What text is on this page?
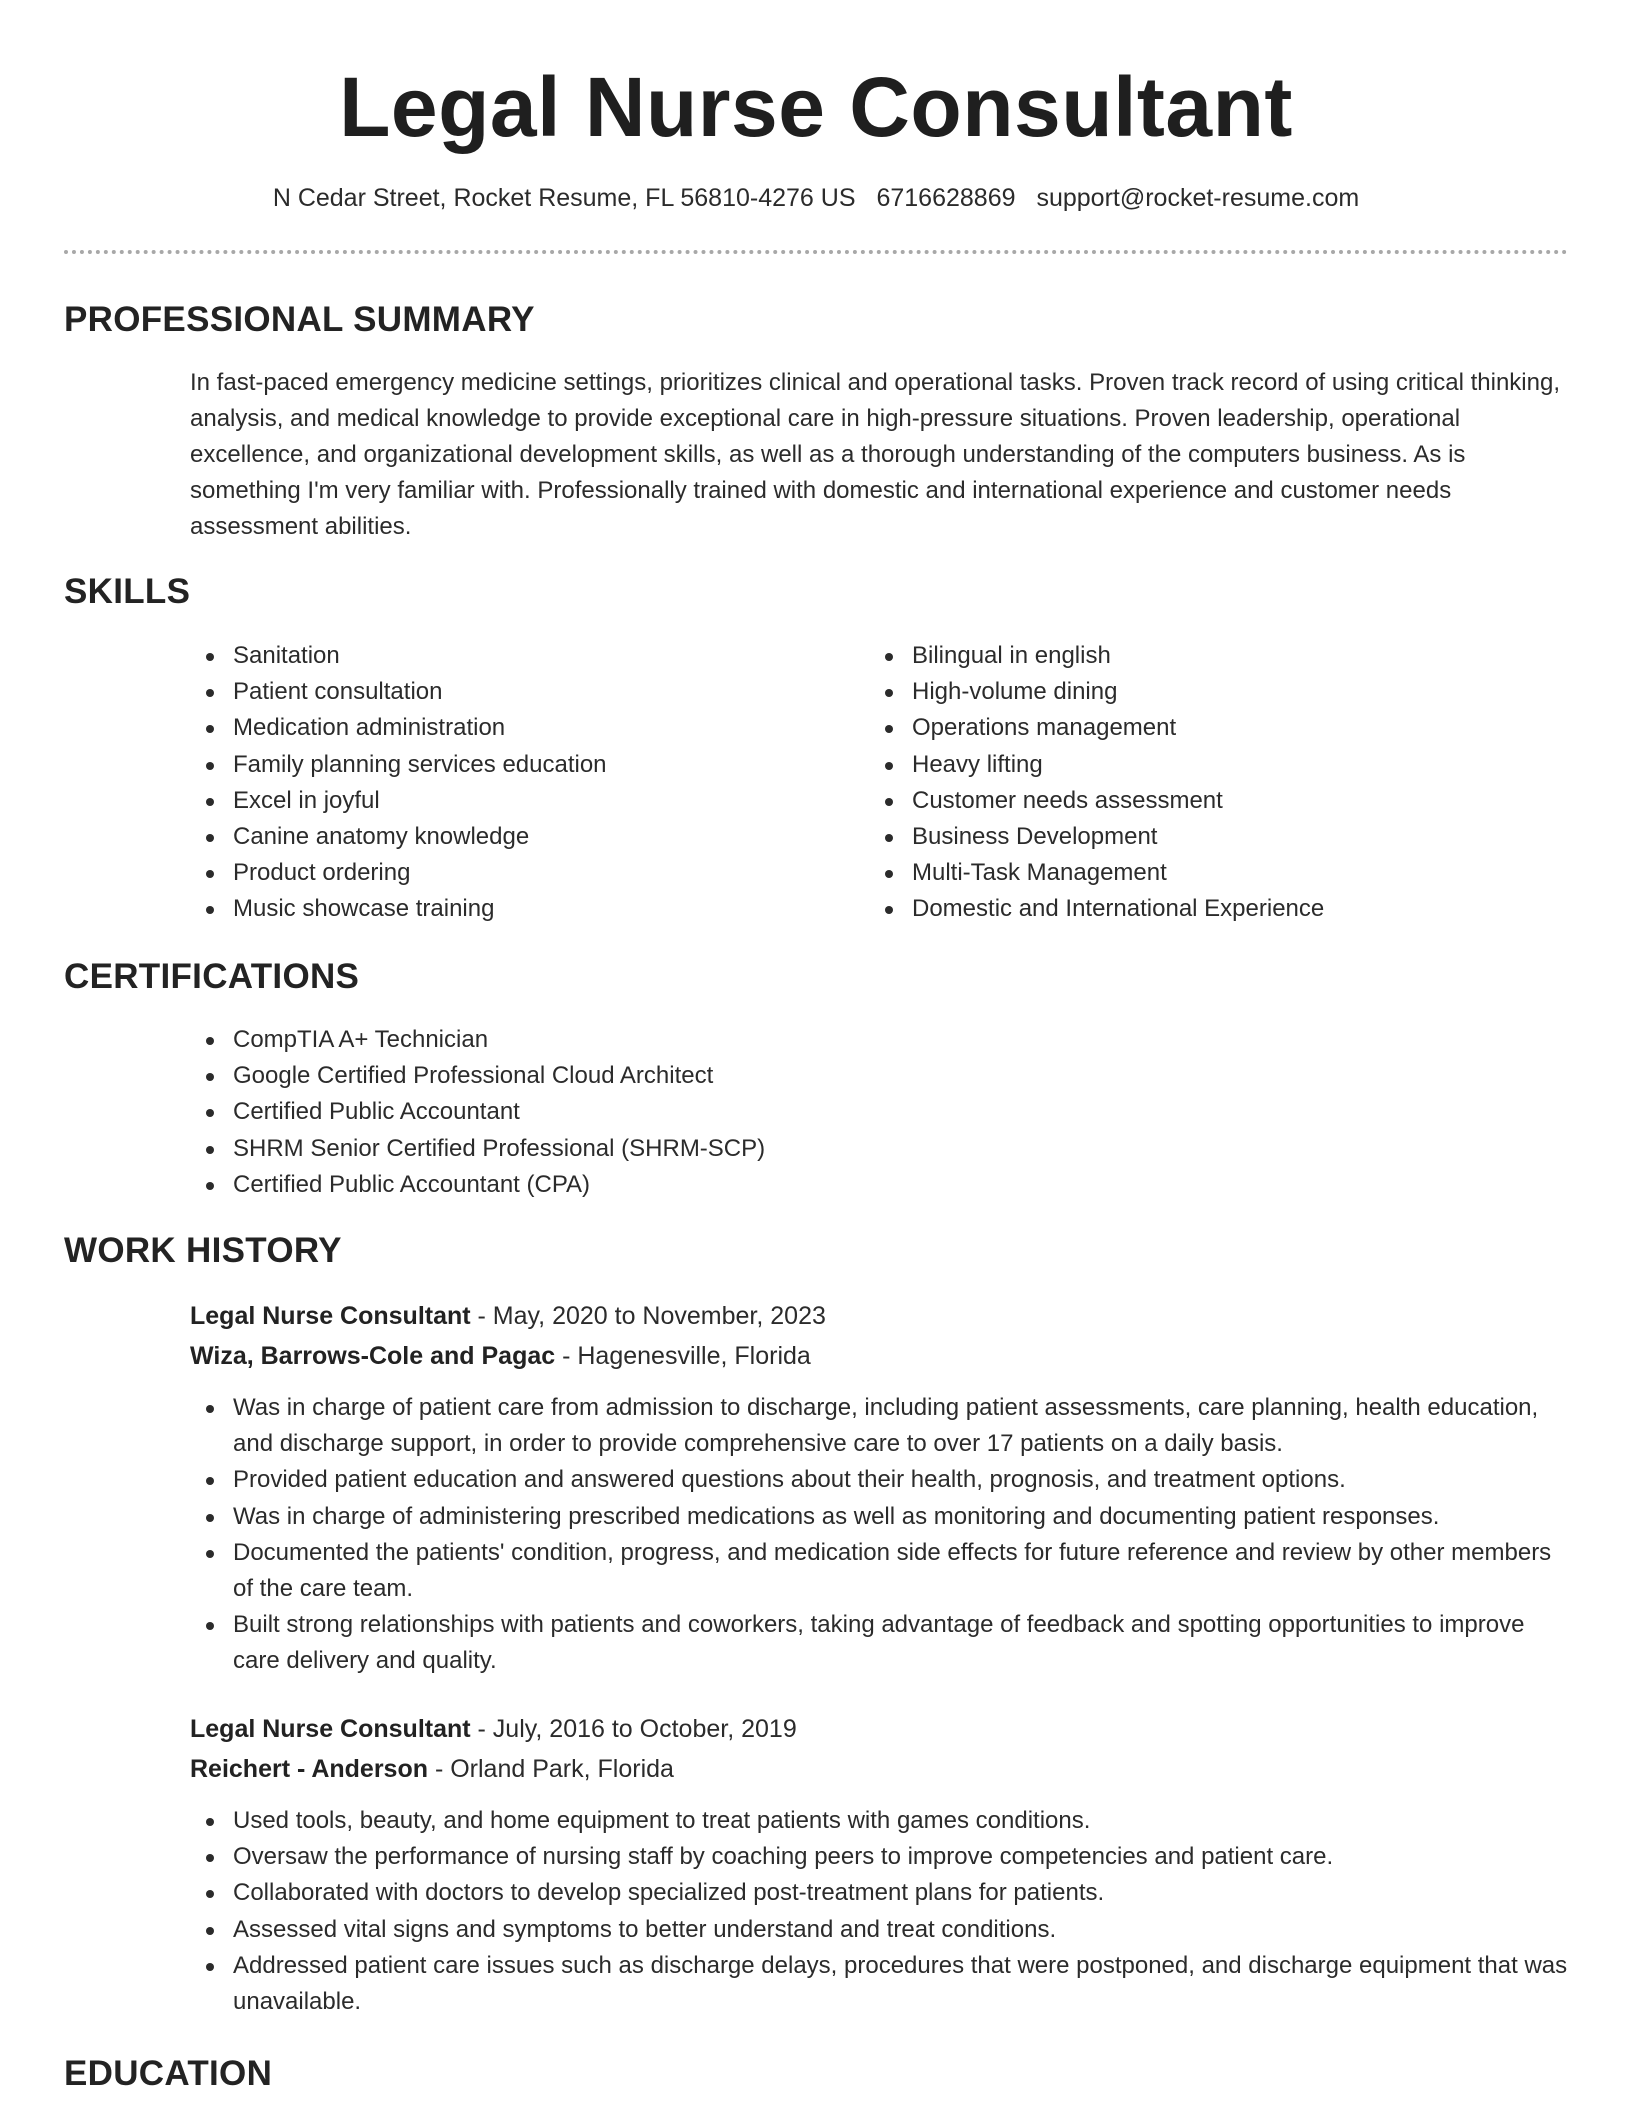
Legal Nurse Consultant
N Cedar Street, Rocket Resume, FL 56810-4276 US 6716628869 support@rocket-resume.com
PROFESSIONAL SUMMARY
In fast-paced emergency medicine settings, prioritizes clinical and operational tasks. Proven track record of using critical thinking, analysis, and medical knowledge to provide exceptional care in high-pressure situations. Proven leadership, operational excellence, and organizational development skills, as well as a thorough understanding of the computers business. As is something I'm very familiar with. Professionally trained with domestic and international experience and customer needs assessment abilities.
SKILLS
Sanitation
Patient consultation
Medication administration
Family planning services education
Excel in joyful
Canine anatomy knowledge
Product ordering
Music showcase training
Bilingual in english
High-volume dining
Operations management
Heavy lifting
Customer needs assessment
Business Development
Multi-Task Management
Domestic and International Experience
CERTIFICATIONS
CompTIA A+ Technician
Google Certified Professional Cloud Architect
Certified Public Accountant
SHRM Senior Certified Professional (SHRM-SCP)
Certified Public Accountant (CPA)
WORK HISTORY
Legal Nurse Consultant - May, 2020 to November, 2023
Wiza, Barrows-Cole and Pagac - Hagenesville, Florida
Was in charge of patient care from admission to discharge, including patient assessments, care planning, health education, and discharge support, in order to provide comprehensive care to over 17 patients on a daily basis.
Provided patient education and answered questions about their health, prognosis, and treatment options.
Was in charge of administering prescribed medications as well as monitoring and documenting patient responses.
Documented the patients' condition, progress, and medication side effects for future reference and review by other members of the care team.
Built strong relationships with patients and coworkers, taking advantage of feedback and spotting opportunities to improve care delivery and quality.
Legal Nurse Consultant - July, 2016 to October, 2019
Reichert - Anderson - Orland Park, Florida
Used tools, beauty, and home equipment to treat patients with games conditions.
Oversaw the performance of nursing staff by coaching peers to improve competencies and patient care.
Collaborated with doctors to develop specialized post-treatment plans for patients.
Assessed vital signs and symptoms to better understand and treat conditions.
Addressed patient care issues such as discharge delays, procedures that were postponed, and discharge equipment that was unavailable.
EDUCATION
